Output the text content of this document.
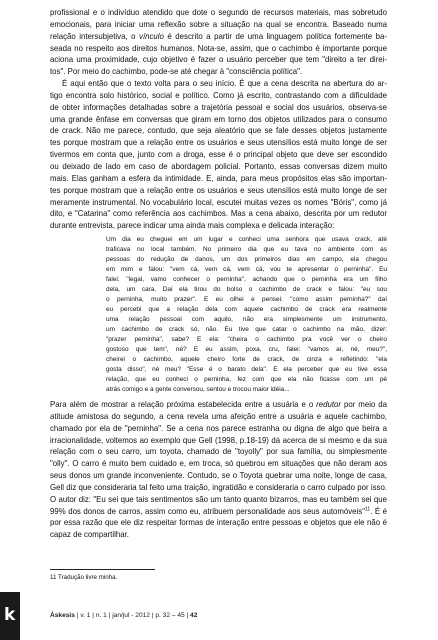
profissional e o indivíduo atendido que dote o segundo de recursos materiais, mas sobretudo
emocionais, para iniciar uma reflexão sobre a situação na qual se encontra. Baseado numa
relação intersubjetiva, o vínculo é descrito a partir de uma linguagem política fortemente ba-
seada no respeito aos direitos humanos. Nota-se, assim, que o cachimbo é importante porque
aciona uma proximidade, cujo objetivo é fazer o usuário perceber que tem "direito a ter direi-
tos". Por meio do cachimbo, pode-se até chegar à "consciência política".

É aqui então que o texto volta para o seu início. É que a cena descrita na abertura do ar-
tigo encontra solo histórico, social e político. Como já escrito, contrastando com a dificuldade
de obter informações detalhadas sobre a trajetória pessoal e social dos usuários, observa-se
uma grande ênfase em conversas que giram em torno dos objetos utilizados para o consumo
de crack. Não me parece, contudo, que seja aleatório que se fale desses objetos justamente
tes porque mostram que a relação entre os usuários e seus utensílios está muito longe de ser
tivermos em conta que, junto com a droga, esse é o principal objeto que deve ser escondido
ou deixado de lado em caso de abordagem policial. Portanto, essas conversas dizem muito
mais. Elas ganham a esfera da intimidade. E, ainda, para meus propósitos elas são importan-
tes porque mostram que a relação entre os usuários e seus utensílios está muito longe de ser
meramente instrumental. No vocabulário local, escutei muitas vezes os nomes "Bóris", como já
dito, e "Catarina" como referência aos cachimbos. Mas a cena abaixo, descrita por um redutor
durante entrevista, parece indicar uma ainda mais complexa e delicada interação:

Um dia eu cheguei em um lugar e conheci uma senhora que usava crack, até
traficava no local também. No primeiro dia que eu tava no ambiente com as
pessoas do redução de danos, um dos primeiros dias em campo, ela chegou
em mim e falou: "vem cá, vem cá, vem cá, vou te apresentar o perninha". Eu
falei: "legal, vamo conhecer o perninha", achando que o perninha era um filho
dela, um cara. Daí ela tirou do bolso o cachimbo de crack e falou: "eu sou
o perninha, muito prazer". E eu olhei e pensei: "como assim perninha?" daí
eu percebi que a relação dela com aquele cachimbo de crack era realmente
uma relação pessoal com aquilo, não era simplesmente um instrumento,
um cachimbo de crack só, não. Eu tive que catar o cachimbo na mão, dizer:
"prazer perninha", sabe? E ela: "cheira o cachimbo pra você ver o cheiro
gostoso que tem", né? E eu assim, poxa, cru, falei: "vamos aí, né, meu?",
cheirei o cachimbo, aquele cheiro forte de crack, de cinza e refletindo: "ela
gosta disso", né meu? "Esse é o barato dela". E ela perceber que eu tive essa
relação, que eu conheci o perninha, fez com que ela não ficasse com um pé
atrás comigo e a gente conversou, sentou e trocou maior idéia...

Para além de mostrar a relação próxima estabelecida entre a usuária e o redutor por meio da
atitude amistosa do segundo, a cena revela uma afeição entre a usuária e aquele cachimbo,
chamado por ela de "perninha". Se a cena nos parece estranha ou digna de algo que beira a
irracionalidade, voltemos ao exemplo que Gell (1998, p.18-19) dá acerca de si mesmo e da sua
relação com o seu carro, um toyota, chamado de "toyolly" por sua família, ou simplesmente
"olly". O carro é muito bem cuidado e, em troca, só quebrou em situações que não deram aos
seus donos um grande inconveniente. Contudo, se o Toyota quebrar uma noite, longe de casa,
Gell diz que consideraria tal feito uma traição, ingratidão e consideraria o carro culpado por isso.
O autor diz: "Eu sei que tais sentimentos são um tanto quanto bizarros, mas eu também sei que
99% dos donos de carros, assim como eu, atribuem personalidade aos seus automóveis"$^{11}$. É é
por essa razão que ele diz respeitar formas de interação entre pessoas e objetos que ele não é
capaz de compartilhar.

11 Tradução livre minha.
k	Áskesis | v. 1 | n. 1 | jan/jul - 2012 | p. 32 – 45 | 42
